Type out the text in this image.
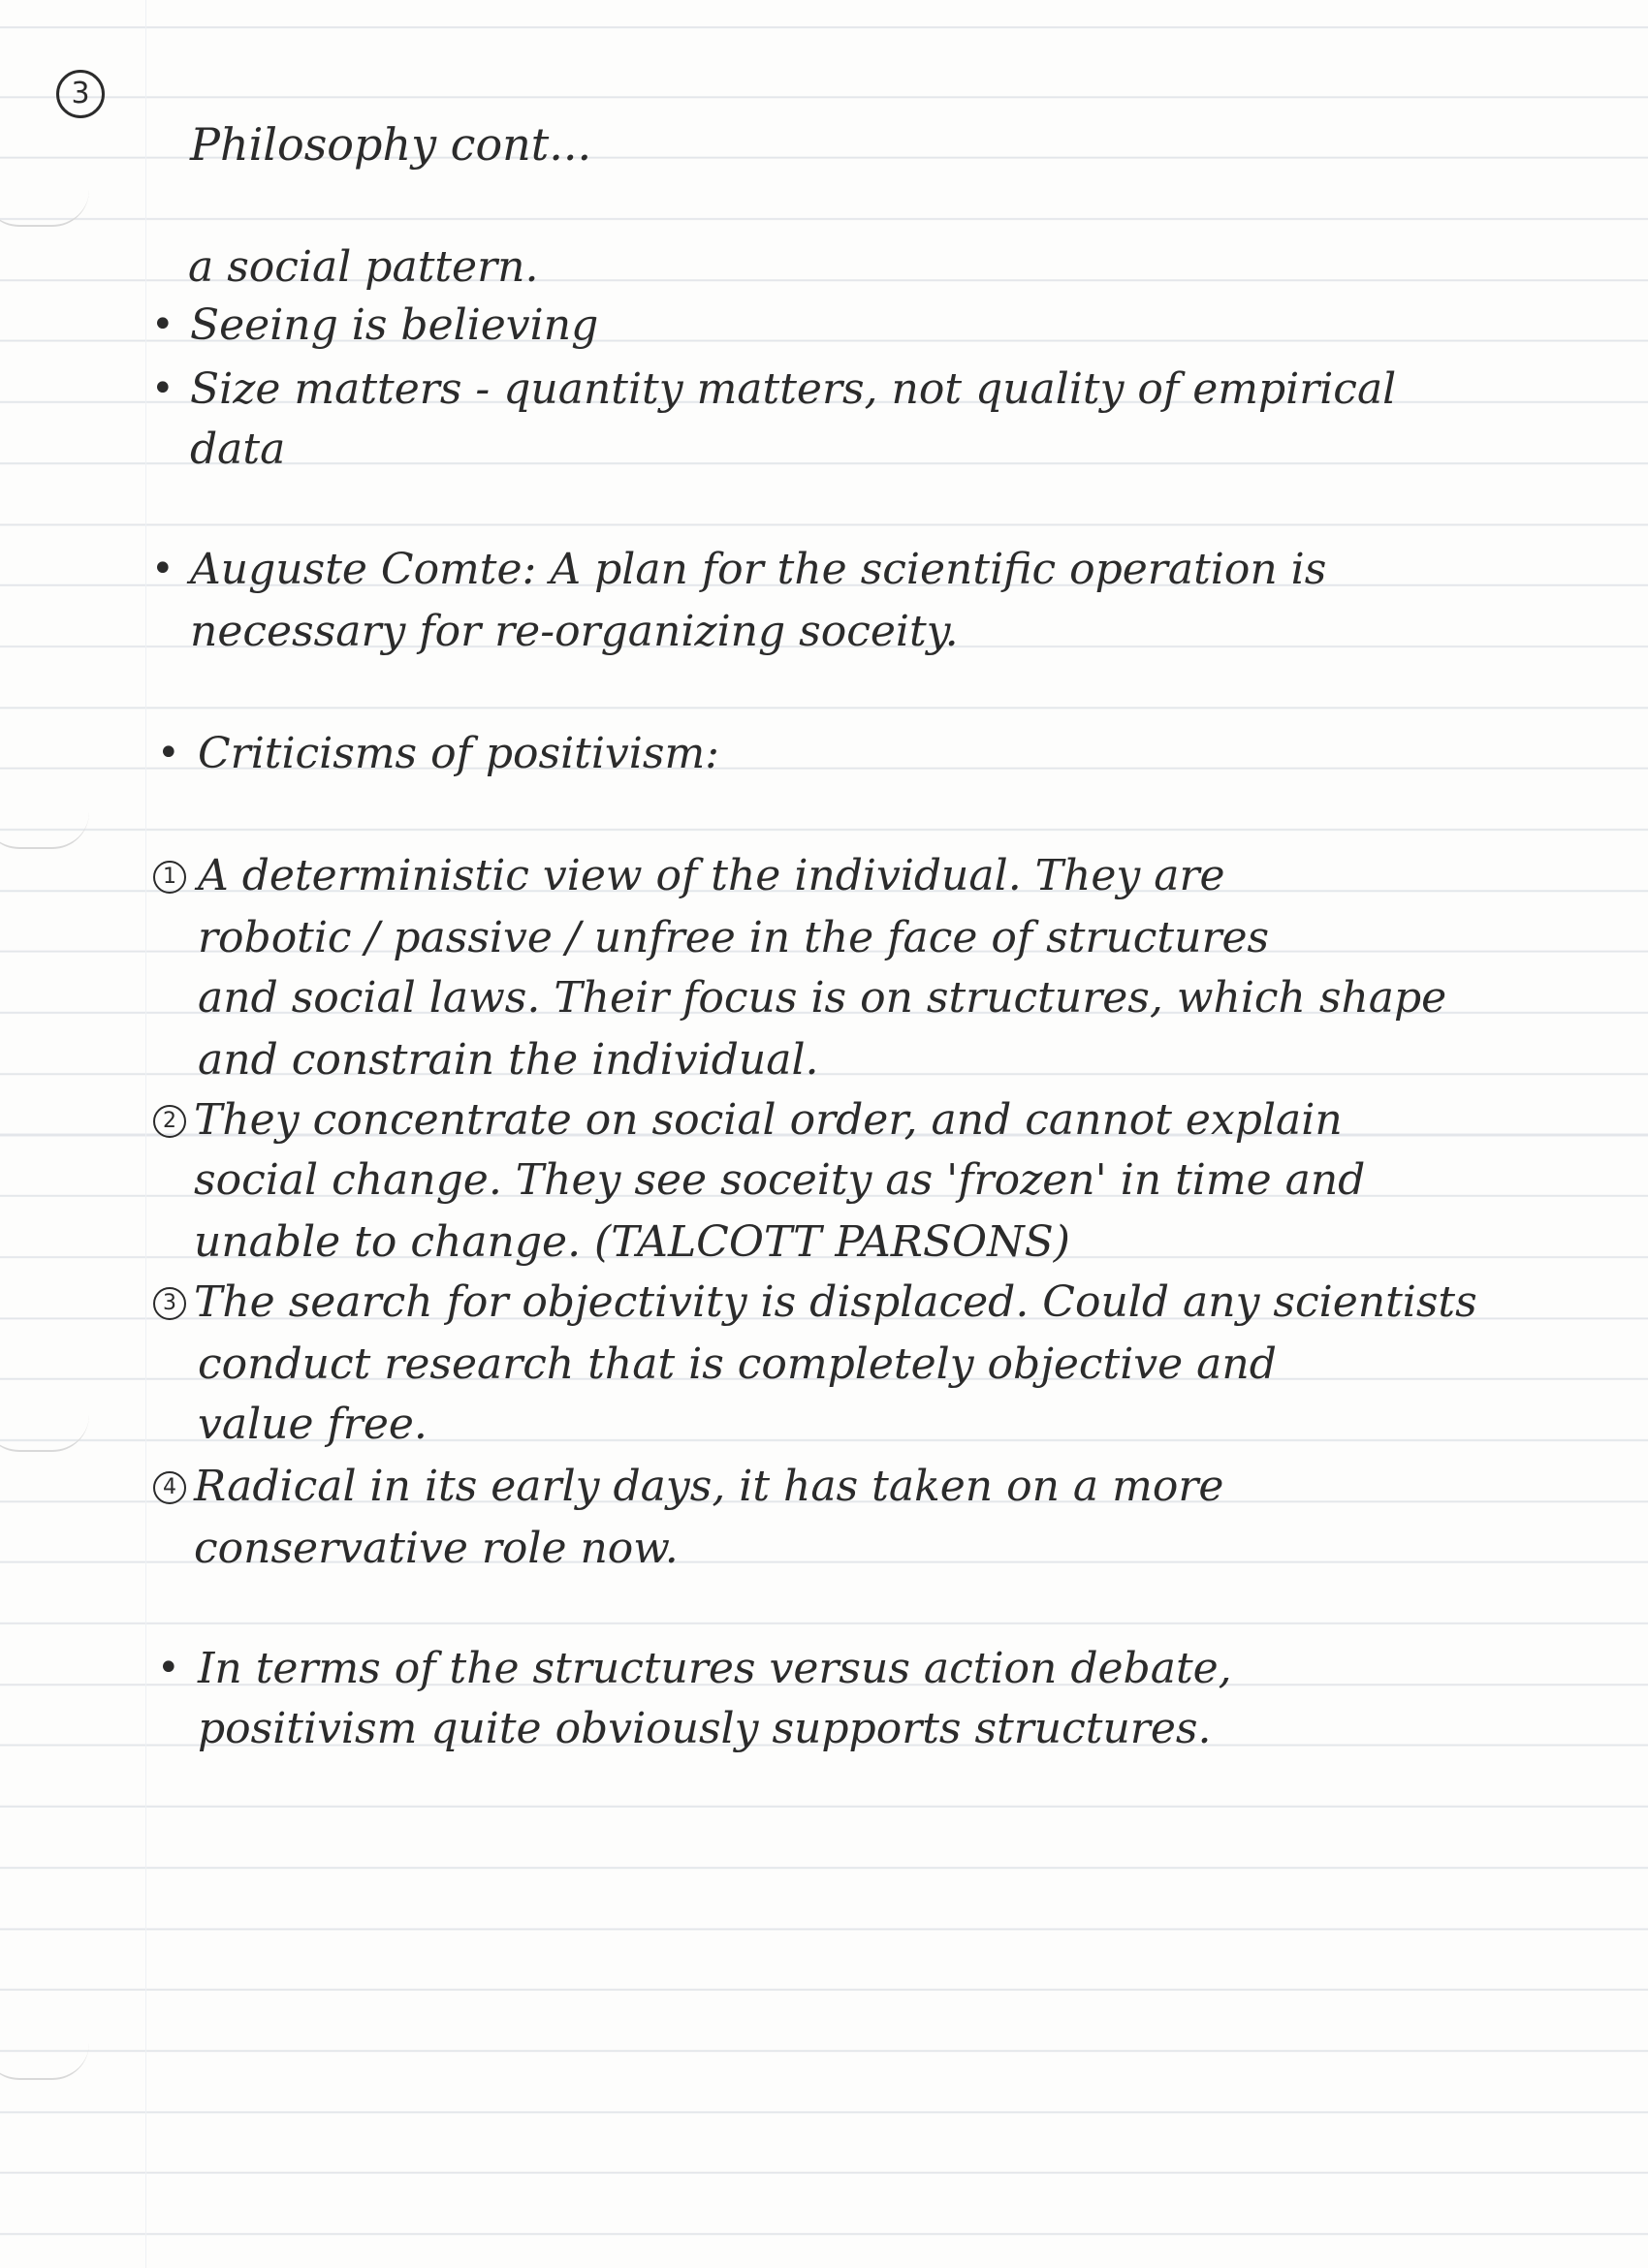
3

Philosophy cont...

a social pattern.

• Seeing is believing

• Size matters - quantity matters, not quality of empirical

data

• Auguste Comte: A plan for the scientific operation is

necessary for re-organizing soceity.

• Criticisms of positivism:

1 A deterministic view of the individual. They are

robotic / passive / unfree in the face of structures

and social laws. Their focus is on structures, which shape

and constrain the individual.

2 They concentrate on social order, and cannot explain

social change. They see soceity as 'frozen' in time and

unable to change. (TALCOTT PARSONS)

3 The search for objectivity is displaced. Could any scientists

conduct research that is completely objective and

value free.

4 Radical in its early days, it has taken on a more

conservative role now.

• In terms of the structures versus action debate,

positivism quite obviously supports structures.
